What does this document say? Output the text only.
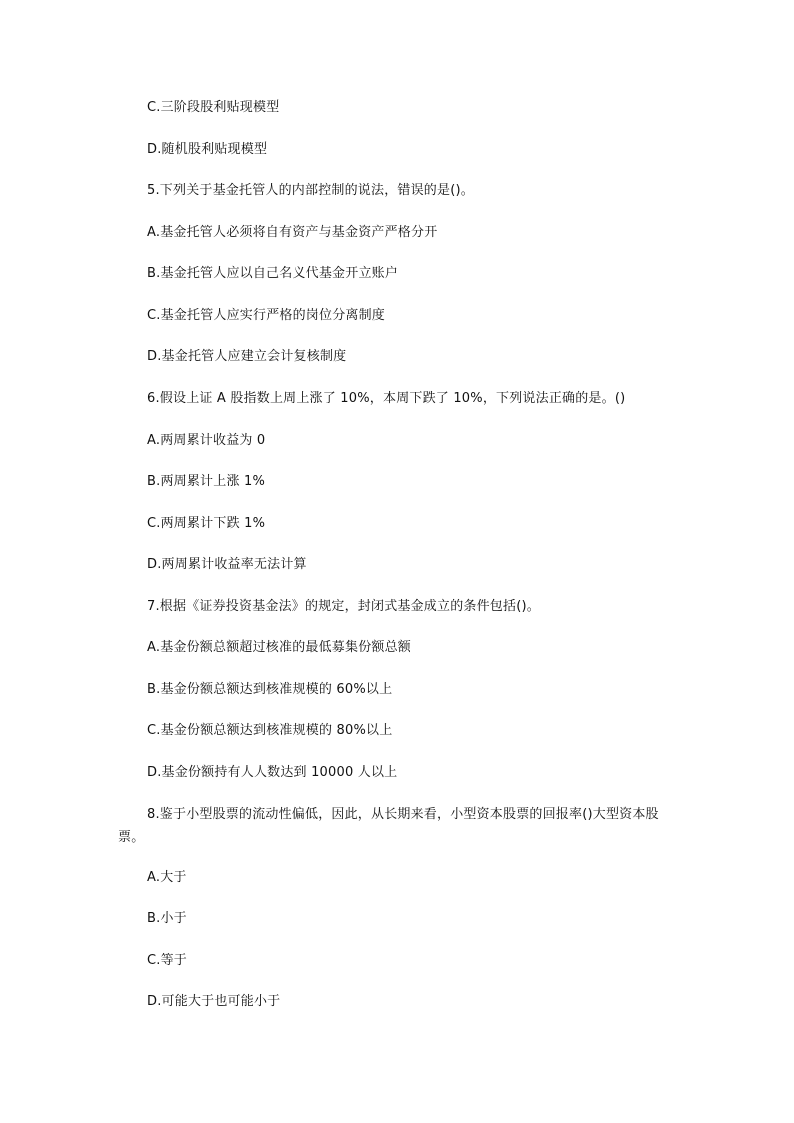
C.三阶段股利贴现模型
D.随机股利贴现模型
5.下列关于基金托管人的内部控制的说法，错误的是()。
A.基金托管人必须将自有资产与基金资产严格分开
B.基金托管人应以自己名义代基金开立账户
C.基金托管人应实行严格的岗位分离制度
D.基金托管人应建立会计复核制度
6.假设上证 A 股指数上周上涨了 10%，本周下跌了 10%，下列说法正确的是。()
A.两周累计收益为 0
B.两周累计上涨 1%
C.两周累计下跌 1%
D.两周累计收益率无法计算
7.根据《证券投资基金法》的规定，封闭式基金成立的条件包括()。
A.基金份额总额超过核准的最低募集份额总额
B.基金份额总额达到核准规模的 60%以上
C.基金份额总额达到核准规模的 80%以上
D.基金份额持有人人数达到 10000 人以上
8.鉴于小型股票的流动性偏低，因此，从长期来看，小型资本股票的回报率()大型资本股票。
A.大于
B.小于
C.等于
D.可能大于也可能小于
